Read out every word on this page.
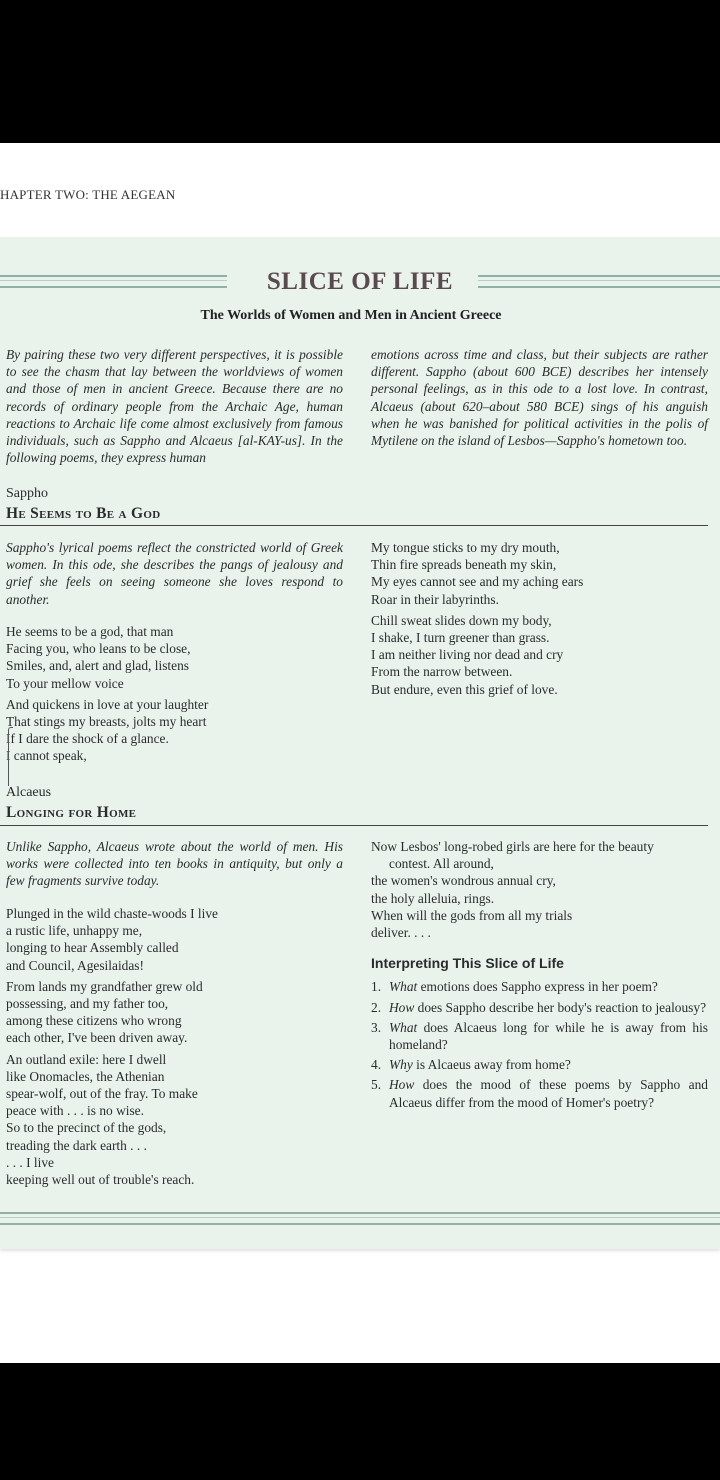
HAPTER TWO: THE AEGEAN
SLICE OF LIFE
The Worlds of Women and Men in Ancient Greece
By pairing these two very different perspectives, it is possible to see the chasm that lay between the worldviews of women and those of men in ancient Greece. Because there are no records of ordinary people from the Archaic Age, human reactions to Archaic life come almost exclusively from famous individuals, such as Sappho and Alcaeus [al-KAY-us]. In the following poems, they express human
emotions across time and class, but their subjects are rather different. Sappho (about 600 BCE) describes her intensely personal feelings, as in this ode to a lost love. In contrast, Alcaeus (about 620–about 580 BCE) sings of his anguish when he was banished for political activities in the polis of Mytilene on the island of Lesbos—Sappho's hometown too.
Sappho
He Seems to Be a God
Sappho's lyrical poems reflect the constricted world of Greek women. In this ode, she describes the pangs of jealousy and grief she feels on seeing someone she loves respond to another.
He seems to be a god, that man
Facing you, who leans to be close,
Smiles, and, alert and glad, listens
To your mellow voice
And quickens in love at your laughter
That stings my breasts, jolts my heart
If I dare the shock of a glance.
I cannot speak,
My tongue sticks to my dry mouth,
Thin fire spreads beneath my skin,
My eyes cannot see and my aching ears
Roar in their labyrinths.
Chill sweat slides down my body,
I shake, I turn greener than grass.
I am neither living nor dead and cry
From the narrow between.
But endure, even this grief of love.
Alcaeus
Longing for Home
Unlike Sappho, Alcaeus wrote about the world of men. His works were collected into ten books in antiquity, but only a few fragments survive today.
Plunged in the wild chaste-woods I live
a rustic life, unhappy me,
longing to hear Assembly called
and Council, Agesilaidas!
From lands my grandfather grew old
possessing, and my father too,
among these citizens who wrong
each other, I've been driven away.
An outland exile: here I dwell
like Onomacles, the Athenian
spear-wolf, out of the fray. To make
peace with . . . is no wise.
So to the precinct of the gods,
treading the dark earth . . .
. . . I live
keeping well out of trouble's reach.
Now Lesbos' long-robed girls are here for the beauty
contest. All around,
the women's wondrous annual cry,
the holy alleluia, rings.
When will the gods from all my trials
deliver. . . .
Interpreting This Slice of Life
1. What emotions does Sappho express in her poem?
2. How does Sappho describe her body's reaction to jealousy?
3. What does Alcaeus long for while he is away from his homeland?
4. Why is Alcaeus away from home?
5. How does the mood of these poems by Sappho and Alcaeus differ from the mood of Homer's poetry?
